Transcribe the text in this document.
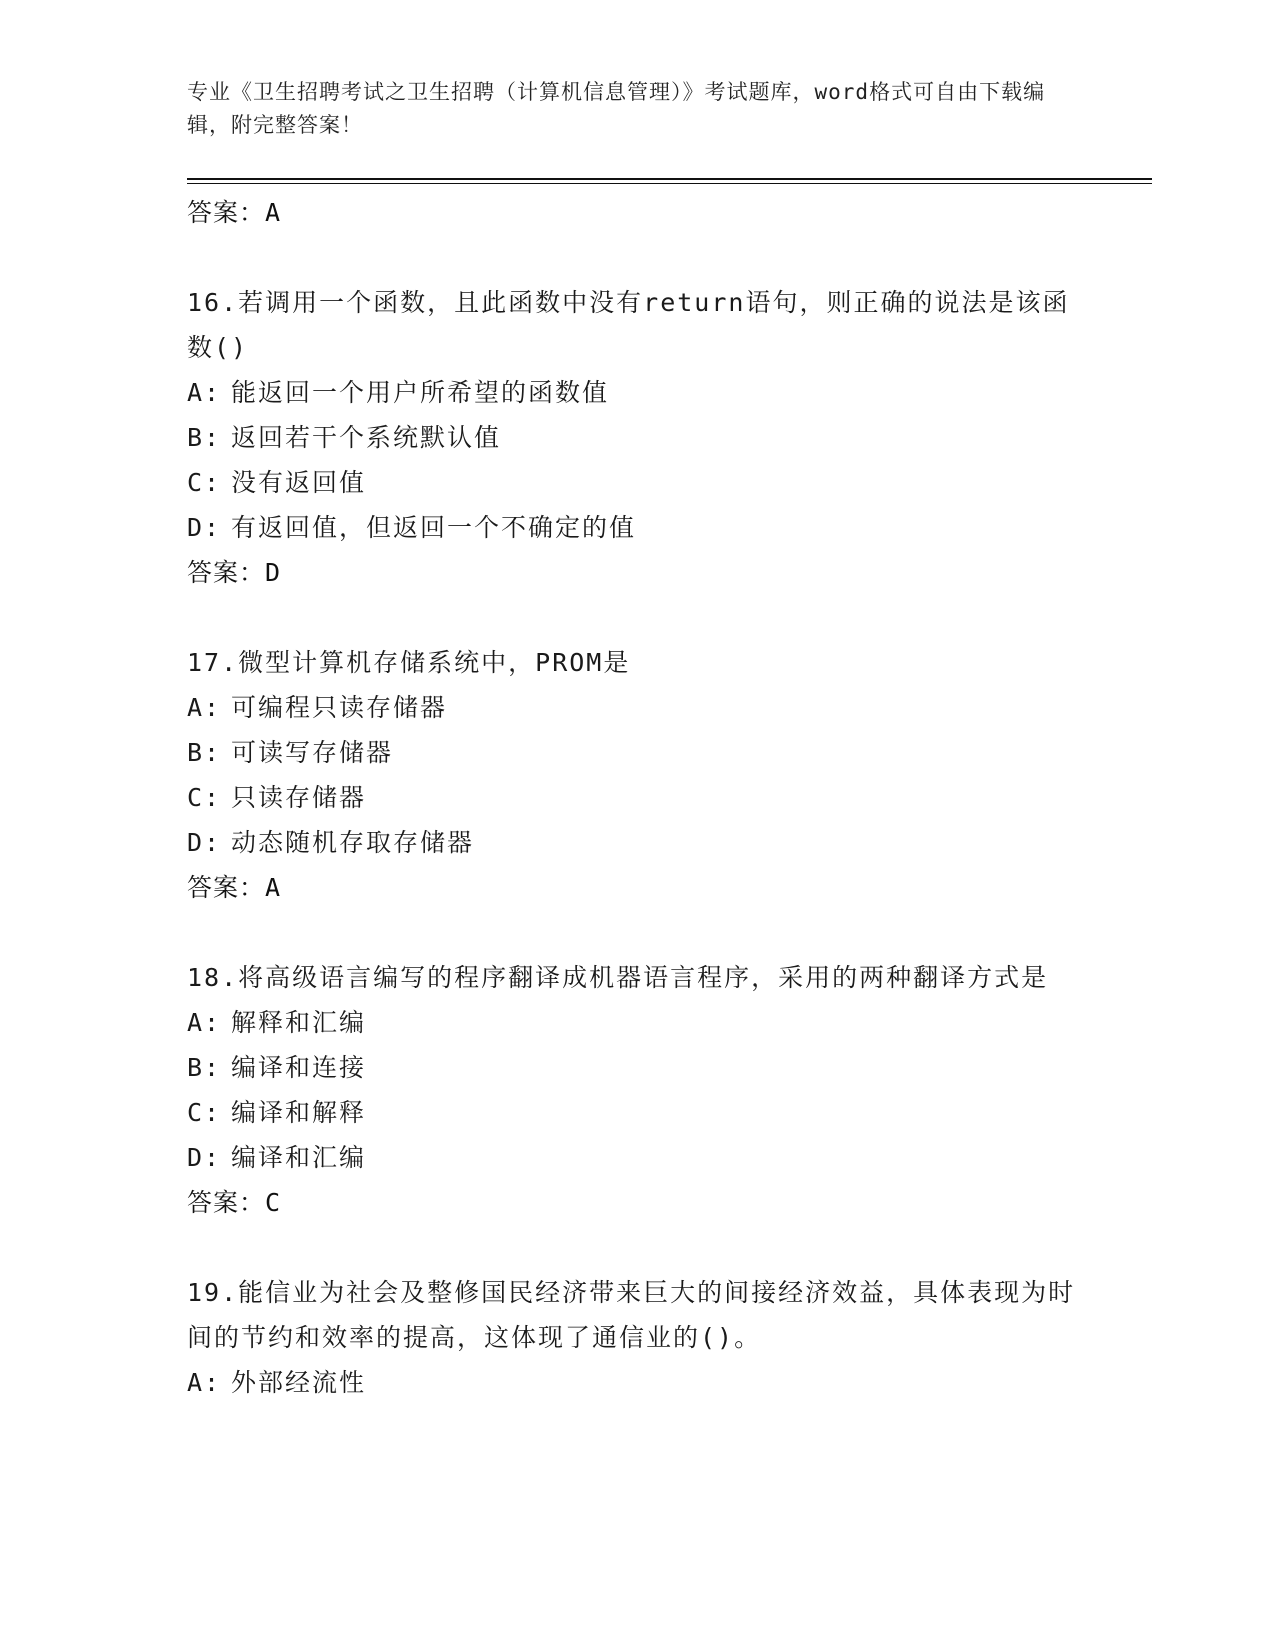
专业《卫生招聘考试之卫生招聘（计算机信息管理）》考试题库，word格式可自由下载编辑，附完整答案！
答案：A
16.若调用一个函数，且此函数中没有return语句，则正确的说法是该函数()
A: 能返回一个用户所希望的函数值
B: 返回若干个系统默认值
C: 没有返回值
D: 有返回值，但返回一个不确定的值
答案：D
17.微型计算机存储系统中，PROM是
A: 可编程只读存储器
B: 可读写存储器
C: 只读存储器
D: 动态随机存取存储器
答案：A
18.将高级语言编写的程序翻译成机器语言程序，采用的两种翻译方式是
A: 解释和汇编
B: 编译和连接
C: 编译和解释
D: 编译和汇编
答案：C
19.能信业为社会及整修国民经济带来巨大的间接经济效益，具体表现为时间的节约和效率的提高，这体现了通信业的()。
A: 外部经流性
